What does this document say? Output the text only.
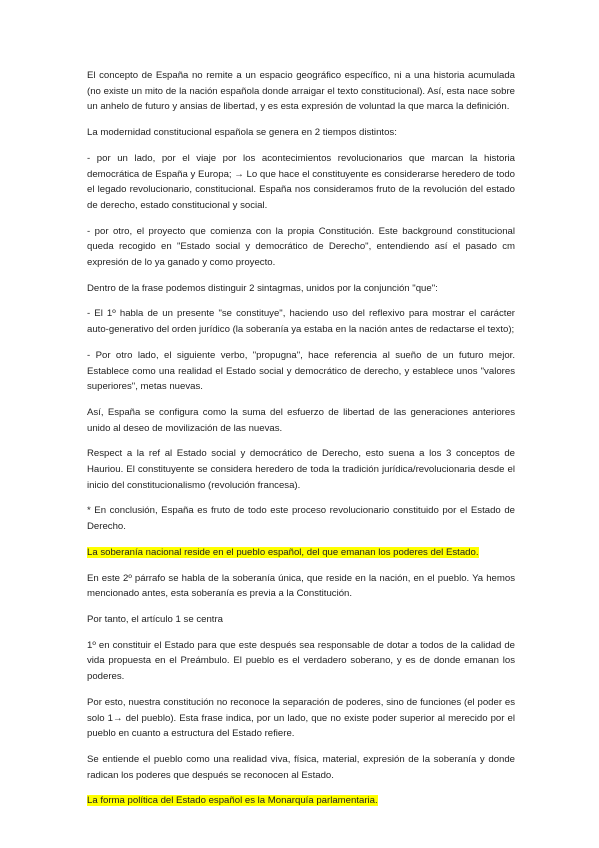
El concepto de España no remite a un espacio geográfico específico, ni a una historia acumulada (no existe un mito de la nación española donde arraigar el texto constitucional). Así, esta nace sobre un anhelo de futuro y ansias de libertad, y es esta expresión de voluntad la que marca la definición.

La modernidad constitucional española se genera en 2 tiempos distintos:

- por un lado, por el viaje por los acontecimientos revolucionarios que marcan la historia democrática de España y Europa; → Lo que hace el constituyente es considerarse heredero de todo el legado revolucionario, constitucional. España nos consideramos fruto de la revolución del estado de derecho, estado constitucional y social.

- por otro, el proyecto que comienza con la propia Constitución. Este background constitucional queda recogido en "Estado social y democrático de Derecho", entendiendo así el pasado cm expresión de lo ya ganado y como proyecto.

Dentro de la frase podemos distinguir 2 sintagmas, unidos por la conjunción "que":

- El 1º habla de un presente "se constituye", haciendo uso del reflexivo para mostrar el carácter auto-generativo del orden jurídico (la soberanía ya estaba en la nación antes de redactarse el texto);

- Por otro lado, el siguiente verbo, "propugna", hace referencia al sueño de un futuro mejor. Establece como una realidad el Estado social y democrático de derecho, y establece unos "valores superiores", metas nuevas.

Así, España se configura como la suma del esfuerzo de libertad de las generaciones anteriores unido al deseo de movilización de las nuevas.

Respect a la ref al Estado social y democrático de Derecho, esto suena a los 3 conceptos de Hauriou. El constituyente se considera heredero de toda la tradición jurídica/revolucionaria desde el inicio del constitucionalismo (revolución francesa).

* En conclusión, España es fruto de todo este proceso revolucionario constituido por el Estado de Derecho.

La soberanía nacional reside en el pueblo español, del que emanan los poderes del Estado.

En este 2º párrafo se habla de la soberanía única, que reside en la nación, en el pueblo. Ya hemos mencionado antes, esta soberanía es previa a la Constitución.

Por tanto, el artículo 1 se centra

1º en constituir el Estado para que este después sea responsable de dotar a todos de la calidad de vida propuesta en el Preámbulo. El pueblo es el verdadero soberano, y es de donde emanan los poderes.

Por esto, nuestra constitución no reconoce la separación de poderes, sino de funciones (el poder es solo 1→ del pueblo). Esta frase indica, por un lado, que no existe poder superior al merecido por el pueblo en cuanto a estructura del Estado refiere.

Se entiende el pueblo como una realidad viva, física, material, expresión de la soberanía y donde radican los poderes que después se reconocen al Estado.

La forma política del Estado español es la Monarquía parlamentaria.
